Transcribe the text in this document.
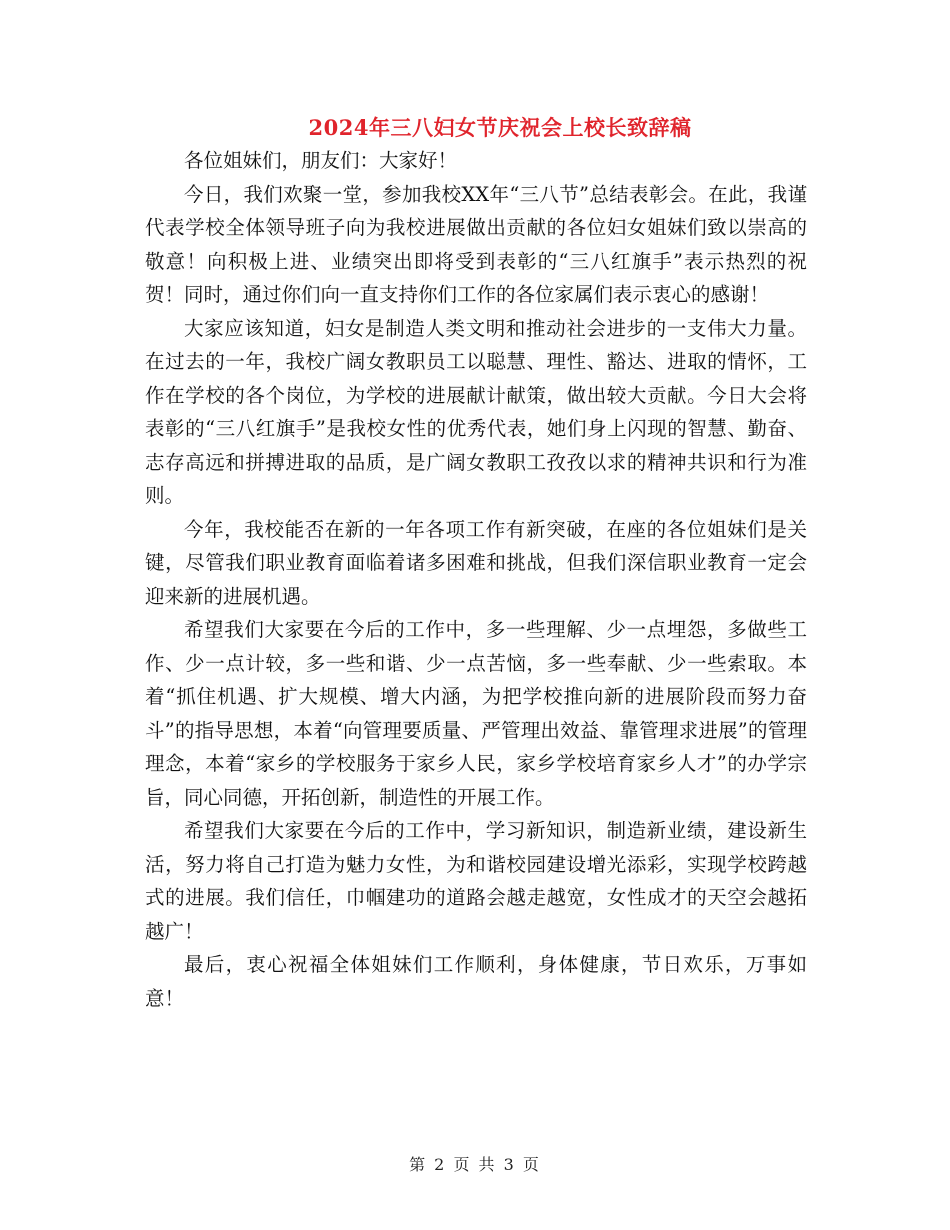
2024年三八妇女节庆祝会上校长致辞稿

各位姐妹们，朋友们：大家好！

今日，我们欢聚一堂，参加我校XX年“三八节”总结表彰会。在此，我谨代表学校全体领导班子向为我校进展做出贡献的各位妇女姐妹们致以崇高的敬意！向积极上进、业绩突出即将受到表彰的“三八红旗手”表示热烈的祝贺！同时，通过你们向一直支持你们工作的各位家属们表示衷心的感谢！

大家应该知道，妇女是制造人类文明和推动社会进步的一支伟大力量。在过去的一年，我校广阔女教职员工以聪慧、理性、豁达、进取的情怀，工作在学校的各个岗位，为学校的进展献计献策，做出较大贡献。今日大会将表彰的“三八红旗手”是我校女性的优秀代表，她们身上闪现的智慧、勤奋、志存高远和拼搏进取的品质，是广阔女教职工孜孜以求的精神共识和行为准则。

今年，我校能否在新的一年各项工作有新突破，在座的各位姐妹们是关键，尽管我们职业教育面临着诸多困难和挑战，但我们深信职业教育一定会迎来新的进展机遇。

希望我们大家要在今后的工作中，多一些理解、少一点埋怨，多做些工作、少一点计较，多一些和谐、少一点苦恼，多一些奉献、少一些索取。本着“抓住机遇、扩大规模、增大内涵，为把学校推向新的进展阶段而努力奋斗”的指导思想，本着“向管理要质量、严管理出效益、靠管理求进展”的管理理念，本着“家乡的学校服务于家乡人民，家乡学校培育家乡人才”的办学宗旨，同心同德，开拓创新，制造性的开展工作。

希望我们大家要在今后的工作中，学习新知识，制造新业绩，建设新生活，努力将自己打造为魅力女性，为和谐校园建设增光添彩，实现学校跨越式的进展。我们信任，巾帼建功的道路会越走越宽，女性成才的天空会越拓越广！

最后，衷心祝福全体姐妹们工作顺利，身体健康，节日欢乐，万事如意！

第 2 页 共 3 页
